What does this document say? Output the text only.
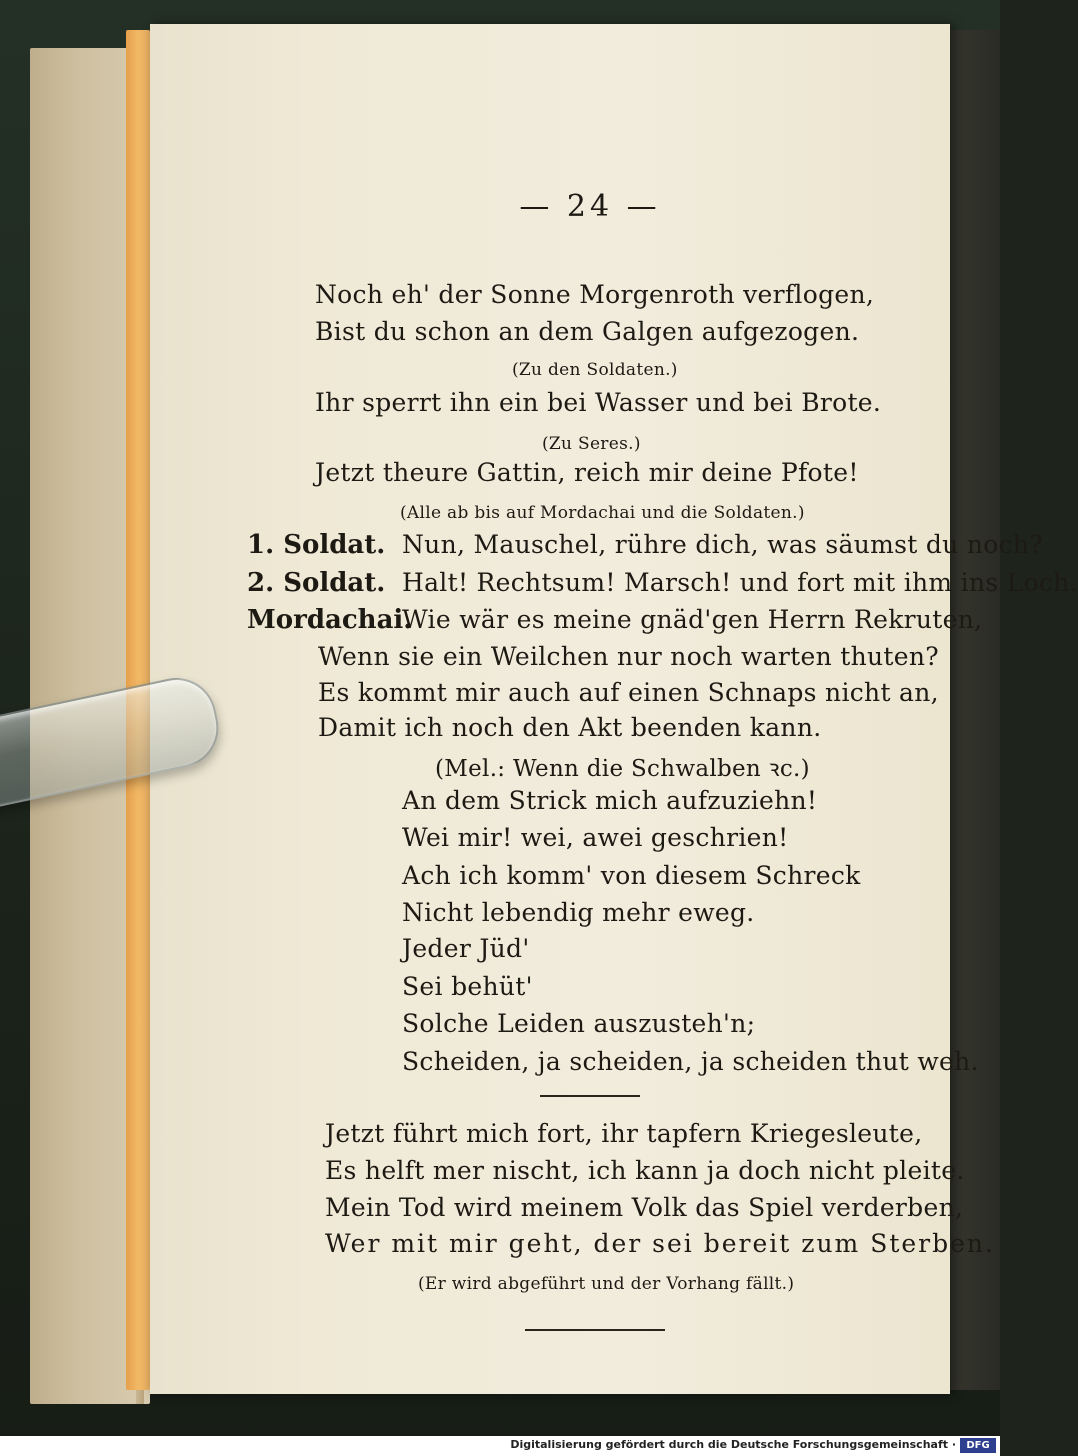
— 24 —
Noch eh' der Sonne Morgenroth verflogen,
Bist du schon an dem Galgen aufgezogen.
(Zu den Soldaten.)
Ihr sperrt ihn ein bei Wasser und bei Brote.
(Zu Seres.)
Jetzt theure Gattin, reich mir deine Pfote!
(Alle ab bis auf Mordachai und die Soldaten.)
1. Soldat. Nun, Mauschel, rühre dich, was säumst du noch?
2. Soldat. Halt! Rechtsum! Marsch! und fort mit ihm ins Loch.
Mordachai.
Wie wär es meine gnäd'gen Herrn Rekruten,
Wenn sie ein Weilchen nur noch warten thuten?
Es kommt mir auch auf einen Schnaps nicht an,
Damit ich noch den Akt beenden kann.
(Mel.: Wenn die Schwalben ꝛc.)
An dem Strick mich aufzuziehn!
Wei mir! wei, awei geschrien!
Ach ich komm' von diesem Schreck
Nicht lebendig mehr eweg.
Jeder Jüd'
Sei behüt'
Solche Leiden auszusteh'n;
Scheiden, ja scheiden, ja scheiden thut weh.
Jetzt führt mich fort, ihr tapfern Kriegesleute,
Es helft mer nischt, ich kann ja doch nicht pleite.
Mein Tod wird meinem Volk das Spiel verderben,
Wer mit mir geht, der sei bereit zum Sterben.
(Er wird abgeführt und der Vorhang fällt.)
Digitalisierung gefördert durch die Deutsche Forschungsgemeinschaft ·	DFG
